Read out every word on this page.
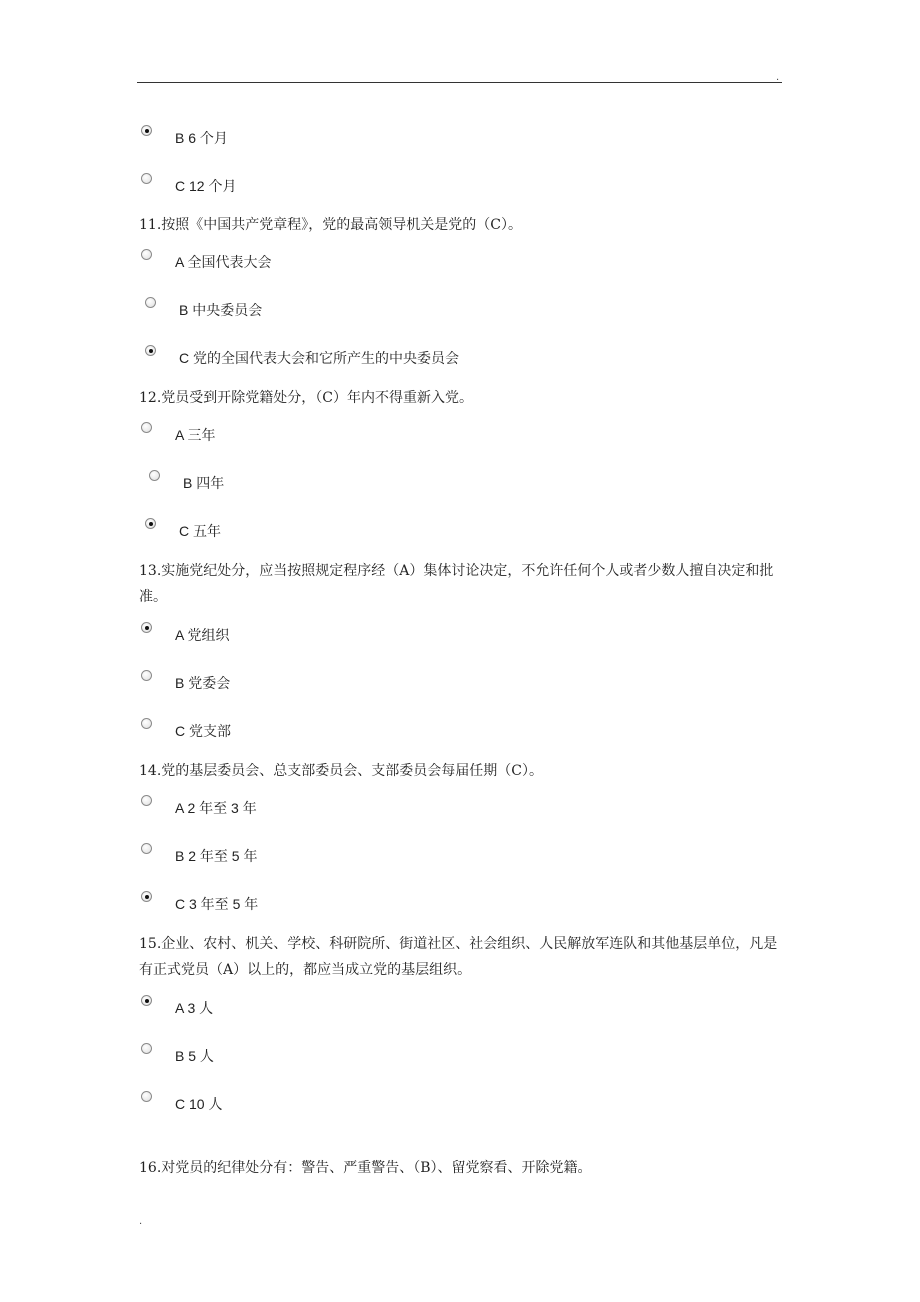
.
B 6 个月
C 12 个月
11.按照《中国共产党章程》，党的最高领导机关是党的（C）。
A 全国代表大会
B 中央委员会
C 党的全国代表大会和它所产生的中央委员会
12.党员受到开除党籍处分，（C）年内不得重新入党。
A 三年
B 四年
C 五年
13.实施党纪处分，应当按照规定程序经（A）集体讨论决定，不允许任何个人或者少数人擅自决定和批准。
A 党组织
B 党委会
C 党支部
14.党的基层委员会、总支部委员会、支部委员会每届任期（C）。
A 2 年至 3 年
B 2 年至 5 年
C 3 年至 5 年
15.企业、农村、机关、学校、科研院所、街道社区、社会组织、人民解放军连队和其他基层单位，凡是有正式党员（A）以上的，都应当成立党的基层组织。
A 3 人
B 5 人
C 10 人
16.对党员的纪律处分有：警告、严重警告、（B）、留党察看、开除党籍。
.
